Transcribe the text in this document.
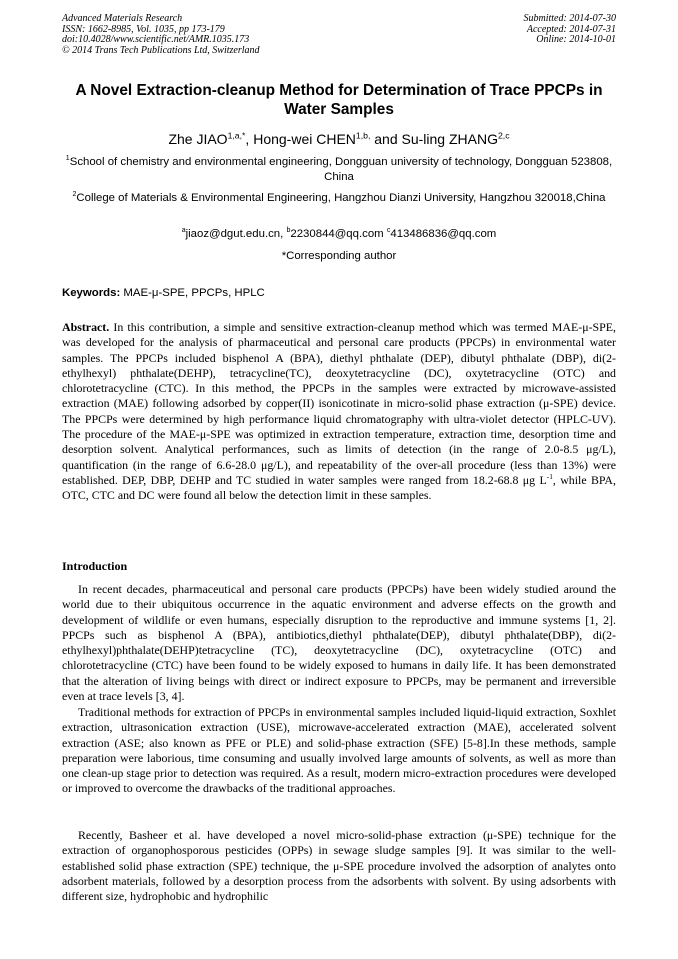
Advanced Materials Research
ISSN: 1662-8985, Vol. 1035, pp 173-179
doi:10.4028/www.scientific.net/AMR.1035.173
© 2014 Trans Tech Publications Ltd, Switzerland
Submitted: 2014-07-30
Accepted: 2014-07-31
Online: 2014-10-01
A Novel Extraction-cleanup Method for Determination of Trace PPCPs in Water Samples
Zhe $JIAO^{1,a,*}$, Hong-wei $CHEN^{1,b,}$ and Su-ling ZHANG$^{2,c}$
$^1$School of chemistry and environmental engineering, Dongguan university of technology, Dongguan 523808, China
$^2$College of Materials & Environmental Engineering, Hangzhou Dianzi University, Hangzhou 320018,China
$^a$jiaoz@dgut.edu.cn, $^b$2230844@qq.com $^c$413486836@qq.com
*Corresponding author
Keywords: MAE-μ-SPE, PPCPs, HPLC

Abstract. In this contribution, a simple and sensitive extraction-cleanup method which was termed MAE-μ-SPE, was developed for the analysis of pharmaceutical and personal care products (PPCPs) in environmental water samples. The PPCPs included bisphenol A (BPA), diethyl phthalate (DEP), dibutyl phthalate (DBP), di(2-ethylhexyl) phthalate(DEHP), tetracycline(TC), deoxytetracycline (DC), oxytetracycline (OTC) and chlorotetracycline (CTC). In this method, the PPCPs in the samples were extracted by microwave-assisted extraction (MAE) following adsorbed by copper(II) isonicotinate in micro-solid phase extraction (μ-SPE) device. The PPCPs were determined by high performance liquid chromatography with ultra-violet detector (HPLC-UV). The procedure of the MAE-μ-SPE was optimized in extraction temperature, extraction time, desorption time and desorption solvent. Analytical performances, such as limits of detection (in the range of 2.0-8.5 μg/L), quantification (in the range of 6.6-28.0 μg/L), and repeatability of the over-all procedure (less than 13%) were established. DEP, DBP, DEHP and TC studied in water samples were ranged from 18.2-68.8 μg $L^{-1}$, while BPA, OTC, CTC and DC were found all below the detection limit in these samples.

Introduction

In recent decades, pharmaceutical and personal care products (PPCPs) have been widely studied around the world due to their ubiquitous occurrence in the aquatic environment and adverse effects on the growth and development of wildlife or even humans, especially disruption to the reproductive and immune systems [1, 2]. PPCPs such as bisphenol A (BPA), antibiotics,diethyl phthalate(DEP), dibutyl phthalate(DBP), di(2-ethylhexyl)phthalate(DEHP)tetracycline (TC), deoxytetracycline (DC), oxytetracycline (OTC) and chlorotetracycline (CTC) have been found to be widely exposed to humans in daily life. It has been demonstrated that the alteration of living beings with direct or indirect exposure to PPCPs, may be permanent and irreversible even at trace levels [3, 4].

Traditional methods for extraction of PPCPs in environmental samples included liquid-liquid extraction, Soxhlet extraction, ultrasonication extraction (USE), microwave-accelerated extraction (MAE), accelerated solvent extraction (ASE; also known as PFE or PLE) and solid-phase extraction (SFE) [5-8].In these methods, sample preparation were laborious, time consuming and usually involved large amounts of solvents, as well as more than one clean-up stage prior to detection was required. As a result, modern micro-extraction procedures were developed or improved to overcome the drawbacks of the traditional approaches.

Recently, Basheer et al. have developed a novel micro-solid-phase extraction (μ-SPE) technique for the extraction of organophosporous pesticides (OPPs) in sewage sludge samples [9]. It was similar to the well-established solid phase extraction (SPE) technique, the μ-SPE procedure involved the adsorption of analytes onto adsorbent materials, followed by a desorption process from the adsorbents with solvent. By using adsorbents with different size, hydrophobic and hydrophilic
